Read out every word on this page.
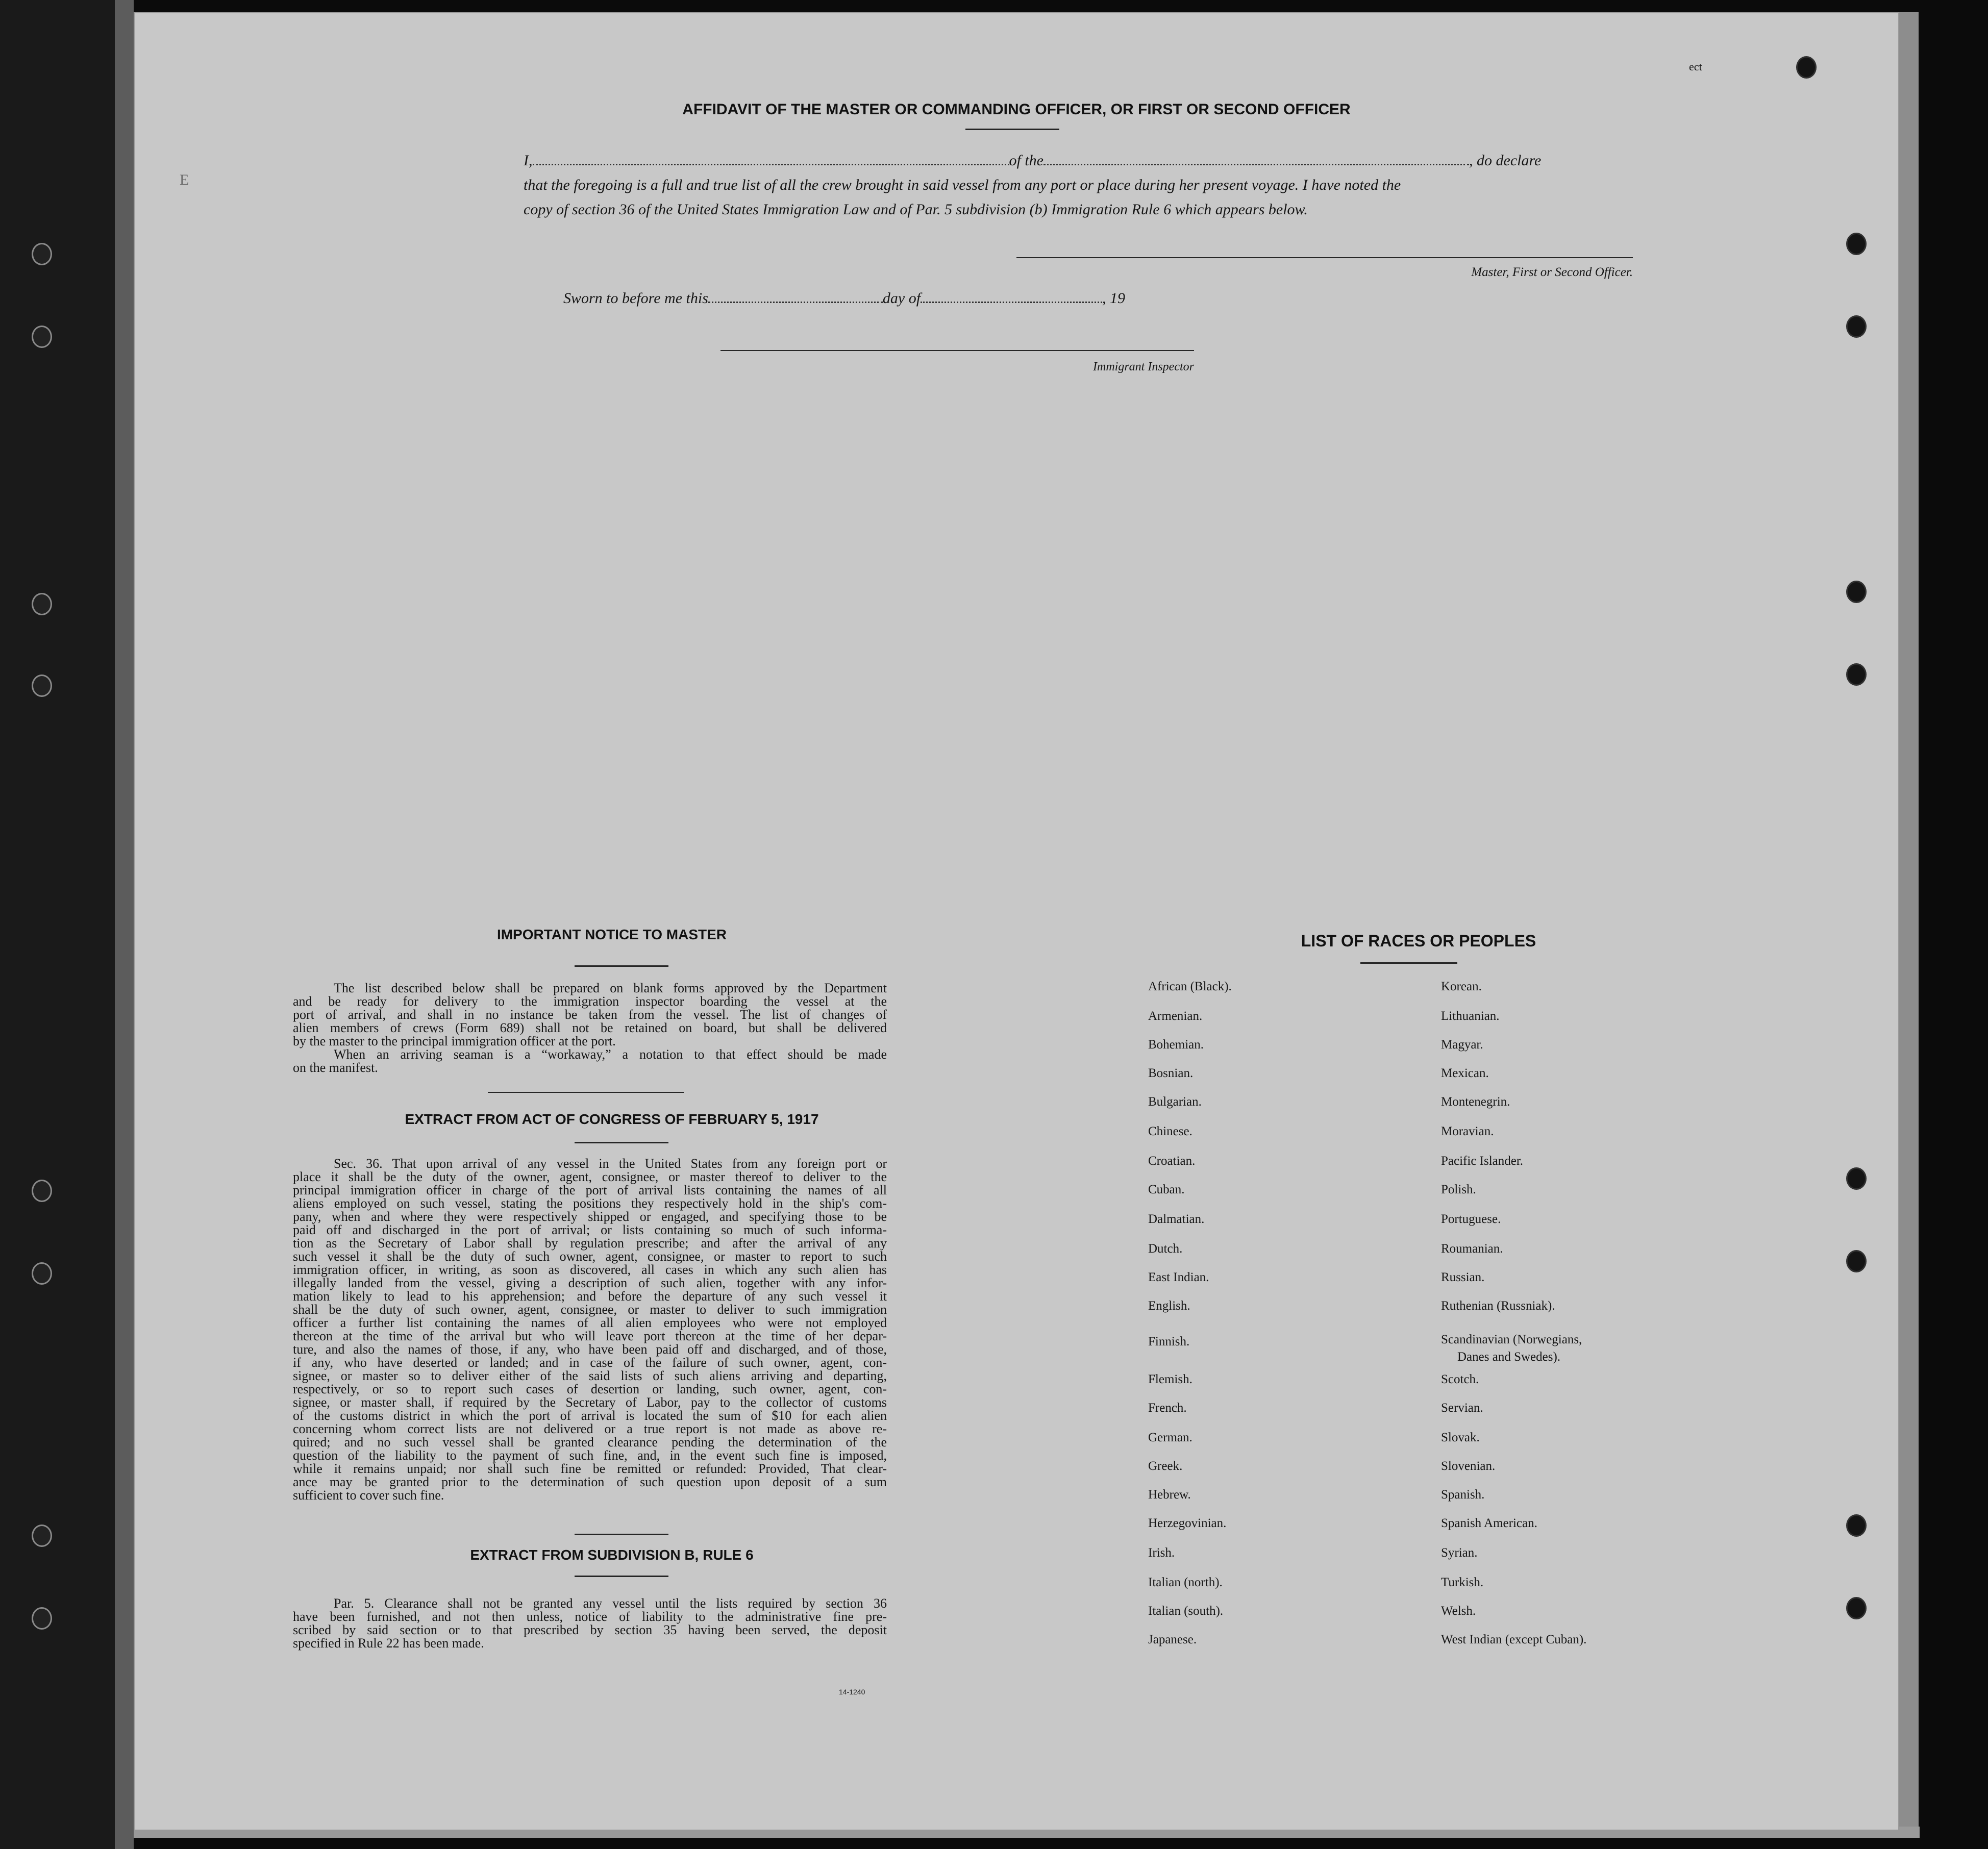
ect
E
AFFIDAVIT OF THE MASTER OR COMMANDING OFFICER, OR FIRST OR SECOND OFFICER
I,	of the	, do declare
that the foregoing is a full and true list of all the crew brought in said vessel from any port or place during her present voyage. I have noted the
copy of section 36 of the United States Immigration Law and of Par. 5 subdivision (b) Immigration Rule 6 which appears below.
Master, First or Second Officer.
Sworn to before me this	day of	, 19
Immigrant Inspector
IMPORTANT NOTICE TO MASTER
The list described below shall be prepared on blank forms approved by the Department
and be ready for delivery to the immigration inspector boarding the vessel at the
port of arrival, and shall in no instance be taken from the vessel. The list of changes of
alien members of crews (Form 689) shall not be retained on board, but shall be delivered
by the master to the principal immigration officer at the port.
When an arriving seaman is a “workaway,” a notation to that effect should be made
on the manifest.
EXTRACT FROM ACT OF CONGRESS OF FEBRUARY 5, 1917
Sec. 36. That upon arrival of any vessel in the United States from any foreign port or
place it shall be the duty of the owner, agent, consignee, or master thereof to deliver to the
principal immigration officer in charge of the port of arrival lists containing the names of all
aliens employed on such vessel, stating the positions they respectively hold in the ship's com-
pany, when and where they were respectively shipped or engaged, and specifying those to be
paid off and discharged in the port of arrival; or lists containing so much of such informa-
tion as the Secretary of Labor shall by regulation prescribe; and after the arrival of any
such vessel it shall be the duty of such owner, agent, consignee, or master to report to such
immigration officer, in writing, as soon as discovered, all cases in which any such alien has
illegally landed from the vessel, giving a description of such alien, together with any infor-
mation likely to lead to his apprehension; and before the departure of any such vessel it
shall be the duty of such owner, agent, consignee, or master to deliver to such immigration
officer a further list containing the names of all alien employees who were not employed
thereon at the time of the arrival but who will leave port thereon at the time of her depar-
ture, and also the names of those, if any, who have been paid off and discharged, and of those,
if any, who have deserted or landed; and in case of the failure of such owner, agent, con-
signee, or master so to deliver either of the said lists of such aliens arriving and departing,
respectively, or so to report such cases of desertion or landing, such owner, agent, con-
signee, or master shall, if required by the Secretary of Labor, pay to the collector of customs
of the customs district in which the port of arrival is located the sum of $10 for each alien
concerning whom correct lists are not delivered or a true report is not made as above re-
quired; and no such vessel shall be granted clearance pending the determination of the
question of the liability to the payment of such fine, and, in the event such fine is imposed,
while it remains unpaid; nor shall such fine be remitted or refunded: Provided, That clear-
ance may be granted prior to the determination of such question upon deposit of a sum
sufficient to cover such fine.
EXTRACT FROM SUBDIVISION B, RULE 6
Par. 5. Clearance shall not be granted any vessel until the lists required by section 36
have been furnished, and not then unless, notice of liability to the administrative fine pre-
scribed by said section or to that prescribed by section 35 having been served, the deposit
specified in Rule 22 has been made.
14-1240
LIST OF RACES OR PEOPLES
African (Black).
Armenian.
Bohemian.
Bosnian.
Bulgarian.
Chinese.
Croatian.
Cuban.
Dalmatian.
Dutch.
East Indian.
English.
Finnish.
Flemish.
French.
German.
Greek.
Hebrew.
Herzegovinian.
Irish.
Italian (north).
Italian (south).
Japanese.
Korean.
Lithuanian.
Magyar.
Mexican.
Montenegrin.
Moravian.
Pacific Islander.
Polish.
Portuguese.
Roumanian.
Russian.
Ruthenian (Russniak).
Scandinavian (Norwegians,
Scotch.
Servian.
Slovak.
Slovenian.
Spanish.
Spanish American.
Syrian.
Turkish.
Welsh.
West Indian (except Cuban).
Danes and Swedes).
